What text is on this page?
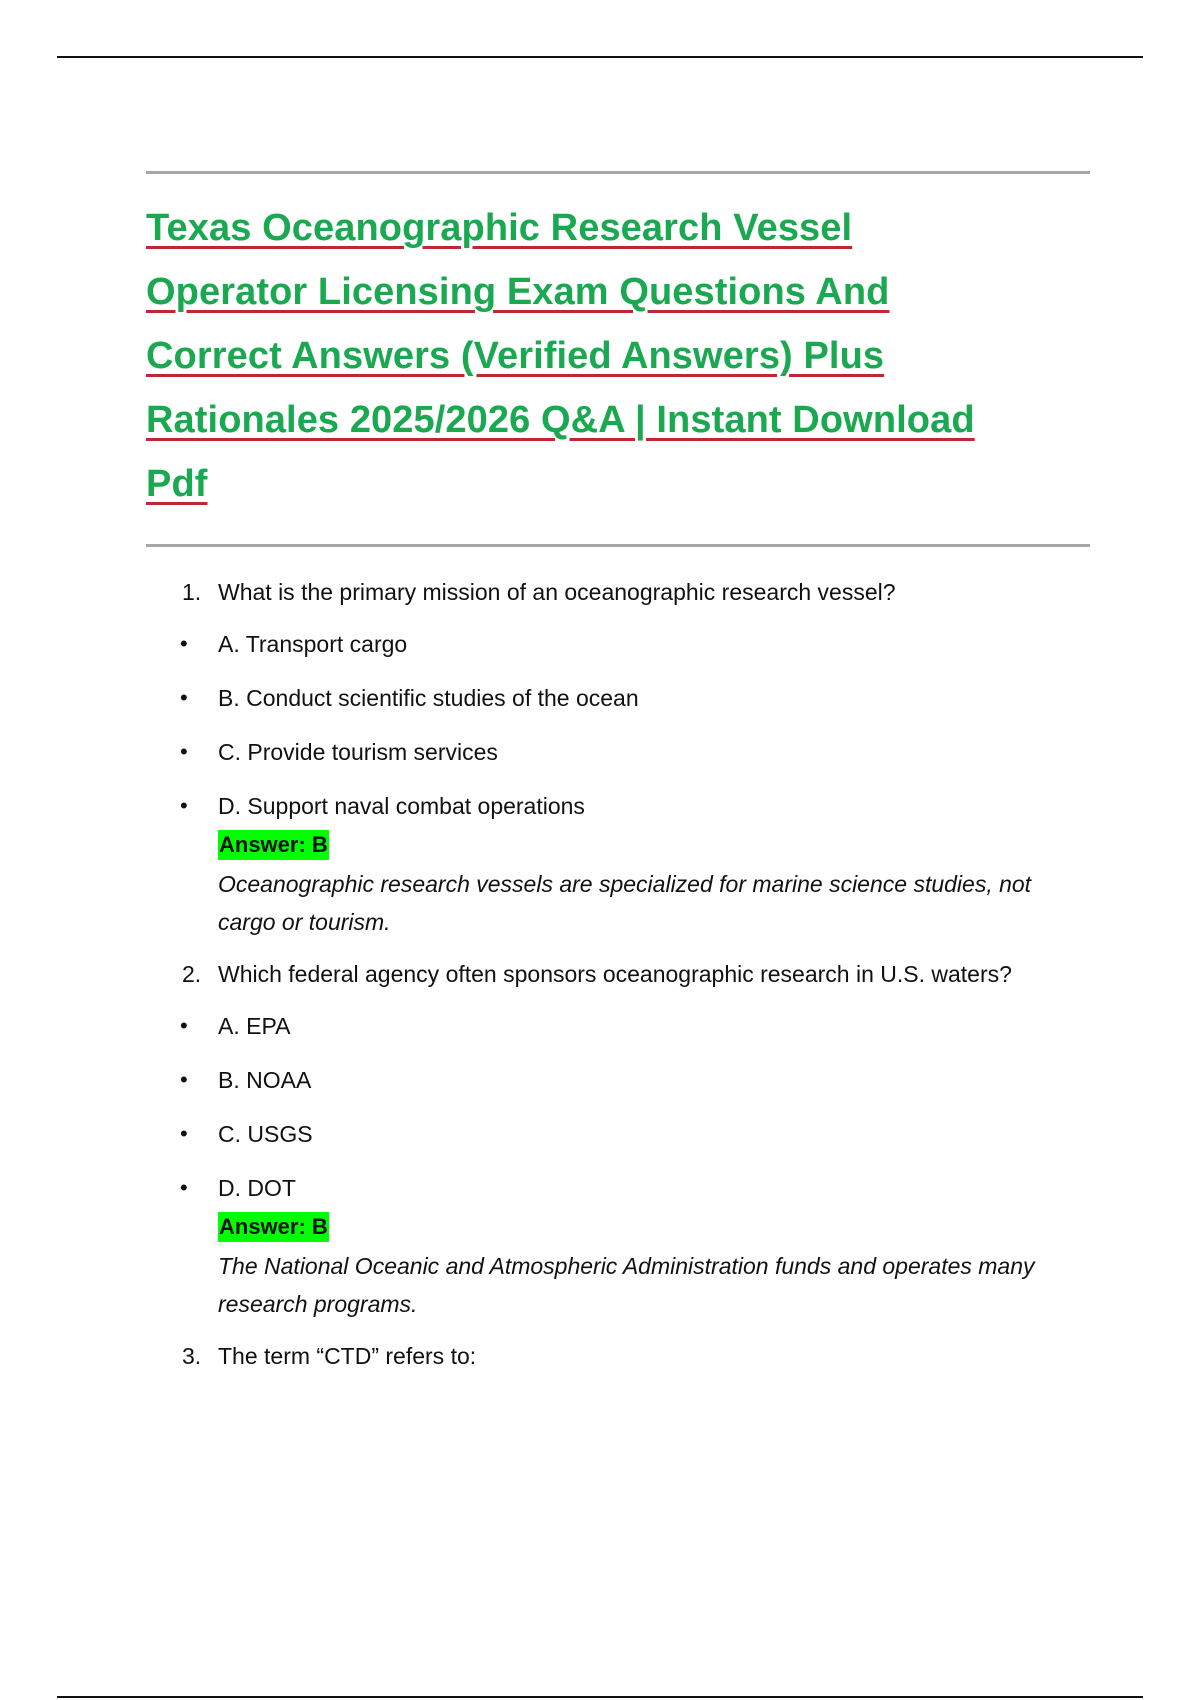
Texas Oceanographic Research Vessel Operator Licensing Exam Questions And Correct Answers (Verified Answers) Plus Rationales 2025/2026 Q&A | Instant Download Pdf
1. What is the primary mission of an oceanographic research vessel?
• A. Transport cargo
• B. Conduct scientific studies of the ocean
• C. Provide tourism services
• D. Support naval combat operations
Answer: B
Oceanographic research vessels are specialized for marine science studies, not cargo or tourism.
2. Which federal agency often sponsors oceanographic research in U.S. waters?
• A. EPA
• B. NOAA
• C. USGS
• D. DOT
Answer: B
The National Oceanic and Atmospheric Administration funds and operates many research programs.
3. The term “CTD” refers to:
